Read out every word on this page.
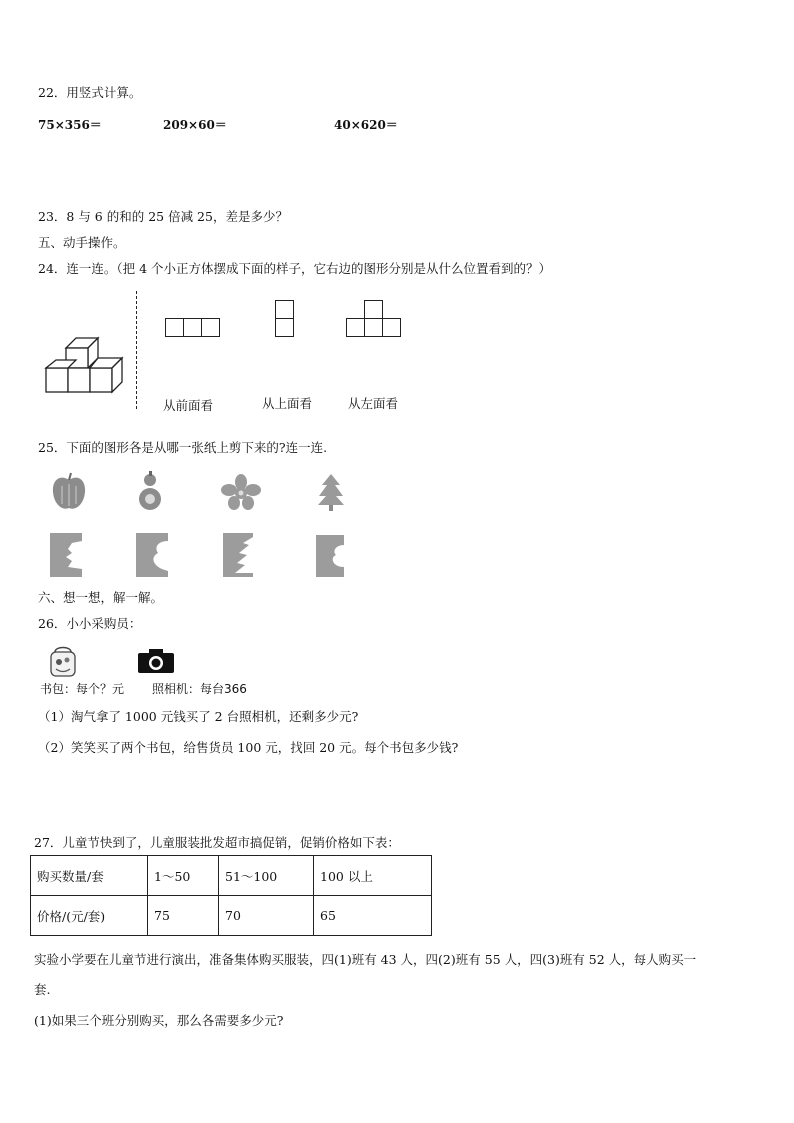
22．用竖式计算。
75×356＝	209×60＝	40×620＝
23．8 与 6 的和的 25 倍减 25，差是多少？
五、动手操作。
24．连一连。（把 4 个小正方体摆成下面的样子，它右边的图形分别是从什么位置看到的？）
从前面看	从上面看	从左面看
25．下面的图形各是从哪一张纸上剪下来的?连一连.
六、想一想，解一解。
26．小小采购员：
书包：每个？元 照相机：每台366
（1）淘气拿了 1000 元钱买了 2 台照相机，还剩多少元?
（2）笑笑买了两个书包，给售货员 100 元，找回 20 元。每个书包多少钱?
27．儿童节快到了，儿童服装批发超市搞促销，促销价格如下表：
购买数量/套	1～50	51～100	100 以上
价格/(元/套)	75	70	65
实验小学要在儿童节进行演出，准备集体购买服装，四(1)班有 43 人，四(2)班有 55 人，四(3)班有 52 人，每人购买一
套.
(1)如果三个班分别购买，那么各需要多少元?
